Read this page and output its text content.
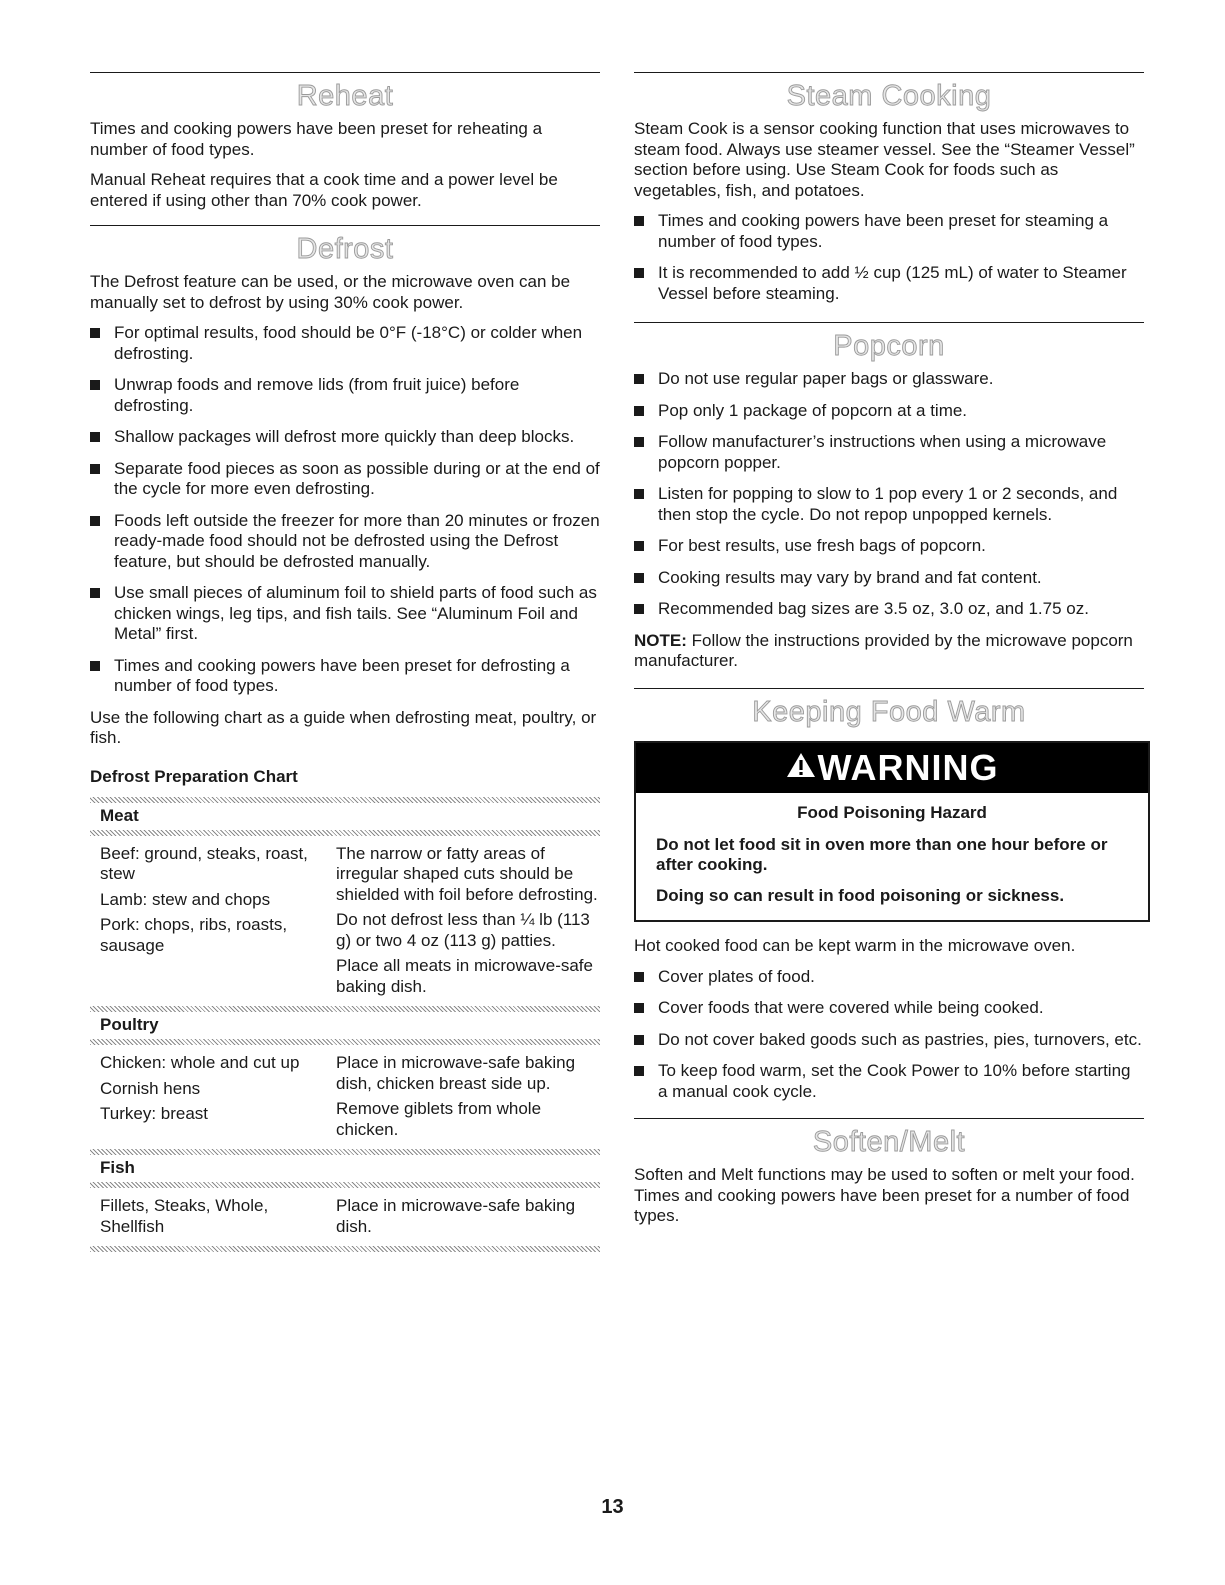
Reheat

Times and cooking powers have been preset for reheating a number of food types.

Manual Reheat requires that a cook time and a power level be entered if using other than 70% cook power.

Defrost

The Defrost feature can be used, or the microwave oven can be manually set to defrost by using 30% cook power.

For optimal results, food should be 0°F (-18°C) or colder when defrosting.
Unwrap foods and remove lids (from fruit juice) before defrosting.
Shallow packages will defrost more quickly than deep blocks.
Separate food pieces as soon as possible during or at the end of the cycle for more even defrosting.
Foods left outside the freezer for more than 20 minutes or frozen ready-made food should not be defrosted using the Defrost feature, but should be defrosted manually.
Use small pieces of aluminum foil to shield parts of food such as chicken wings, leg tips, and fish tails. See “Aluminum Foil and Metal” first.
Times and cooking powers have been preset for defrosting a number of food types.

Use the following chart as a guide when defrosting meat, poultry, or fish.

Defrost Preparation Chart
Meat
Beef: ground, steaks, roast, stew
Lamb: stew and chops
Pork: chops, ribs, roasts, sausage
The narrow or fatty areas of irregular shaped cuts should be shielded with foil before defrosting.
Do not defrost less than ¼ lb (113 g) or two 4 oz (113 g) patties.
Place all meats in microwave-safe baking dish.
Poultry
Chicken: whole and cut up
Cornish hens
Turkey: breast
Place in microwave-safe baking dish, chicken breast side up.
Remove giblets from whole chicken.
Fish
Fillets, Steaks, Whole, Shellfish
Place in microwave-safe baking dish.
Steam Cooking

Steam Cook is a sensor cooking function that uses microwaves to steam food. Always use steamer vessel. See the “Steamer Vessel” section before using. Use Steam Cook for foods such as vegetables, fish, and potatoes.

Times and cooking powers have been preset for steaming a number of food types.
It is recommended to add ½ cup (125 mL) of water to Steamer Vessel before steaming.
Popcorn
Do not use regular paper bags or glassware.
Pop only 1 package of popcorn at a time.
Follow manufacturer’s instructions when using a microwave popcorn popper.
Listen for popping to slow to 1 pop every 1 or 2 seconds, and then stop the cycle. Do not repop unpopped kernels.
For best results, use fresh bags of popcorn.
Cooking results may vary by brand and fat content.
Recommended bag sizes are 3.5 oz, 3.0 oz, and 1.75 oz.

NOTE: Follow the instructions provided by the microwave popcorn manufacturer.

Keeping Food Warm
WARNING
Food Poisoning Hazard

Do not let food sit in oven more than one hour before or after cooking.

Doing so can result in food poisoning or sickness.

Hot cooked food can be kept warm in the microwave oven.

Cover plates of food.
Cover foods that were covered while being cooked.
Do not cover baked goods such as pastries, pies, turnovers, etc.
To keep food warm, set the Cook Power to 10% before starting a manual cook cycle.
Soften/Melt

Soften and Melt functions may be used to soften or melt your food. Times and cooking powers have been preset for a number of food types.

13
